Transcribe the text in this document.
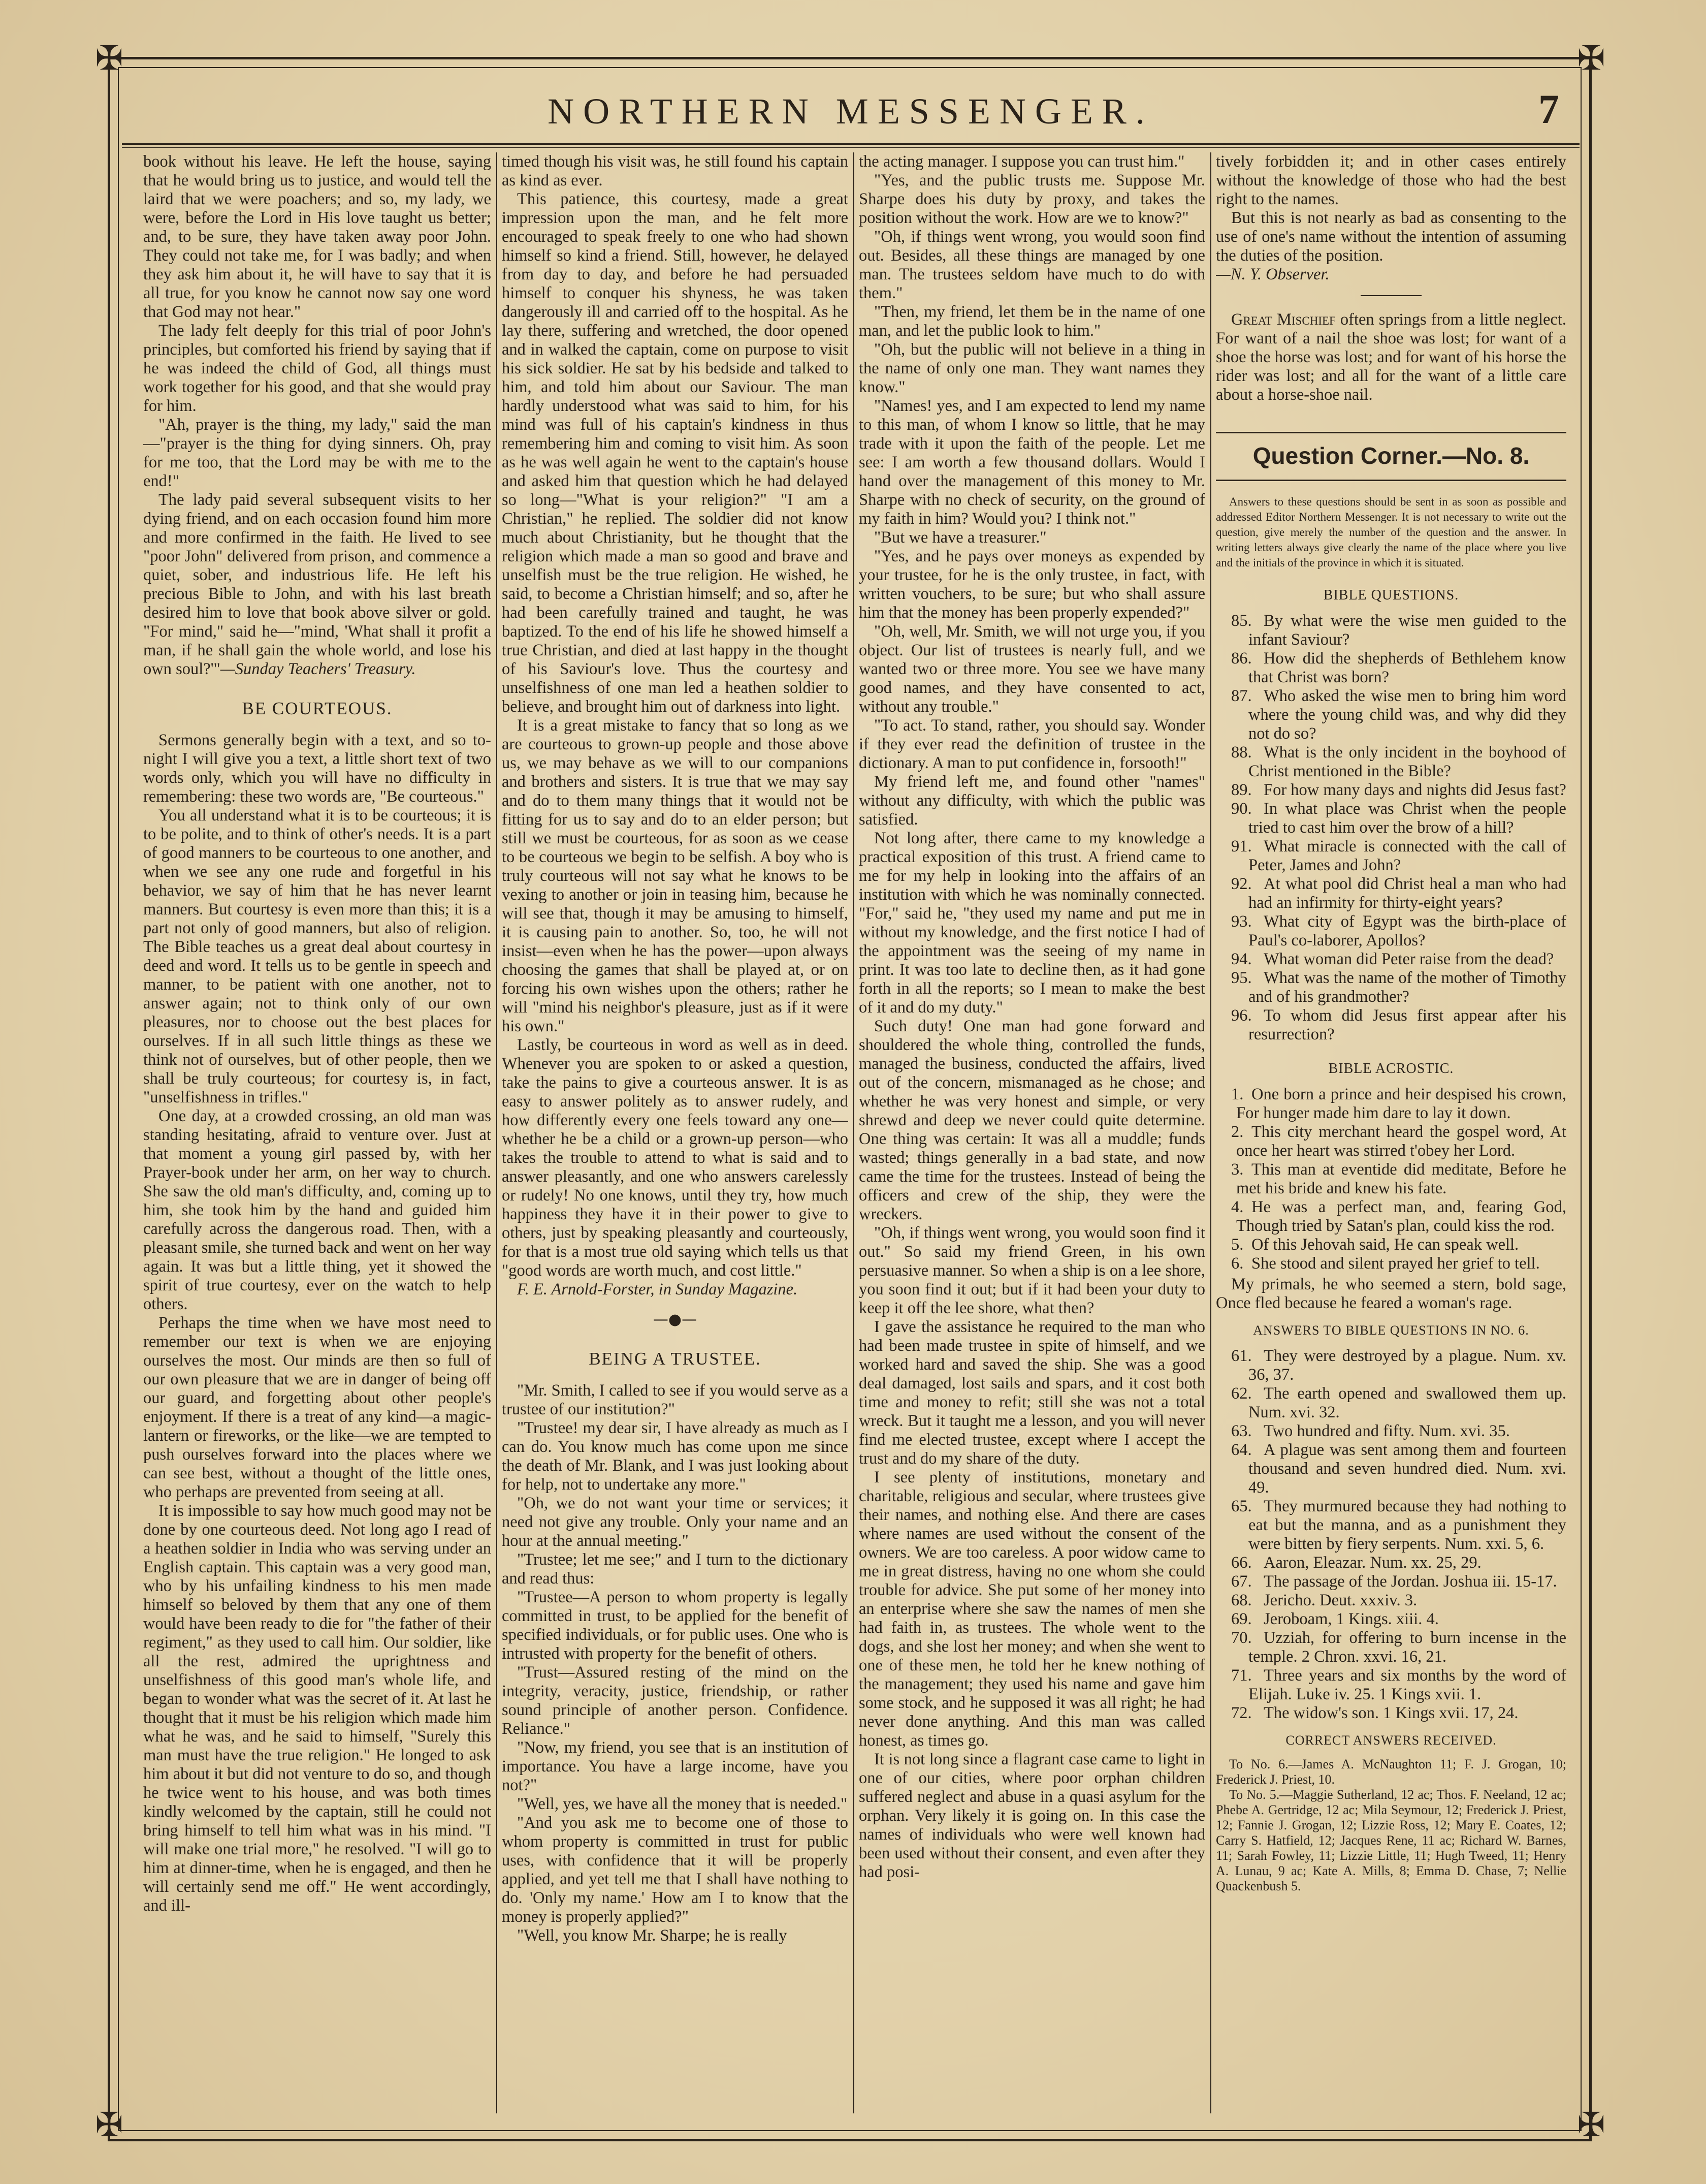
✠	✠
✠	✠
NORTHERN MESSENGER.	7

book without his leave. He left the house, saying that he would bring us to justice, and would tell the laird that we were poachers; and so, my lady, we were, before the Lord in His love taught us better; and, to be sure, they have taken away poor John. They could not take me, for I was badly; and when they ask him about it, he will have to say that it is all true, for you know he cannot now say one word that God may not hear."

The lady felt deeply for this trial of poor John's principles, but comforted his friend by saying that if he was indeed the child of God, all things must work together for his good, and that she would pray for him.

"Ah, prayer is the thing, my lady," said the man—"prayer is the thing for dying sinners. Oh, pray for me too, that the Lord may be with me to the end!"

The lady paid several subsequent visits to her dying friend, and on each occasion found him more and more confirmed in the faith. He lived to see "poor John" delivered from prison, and commence a quiet, sober, and industrious life. He left his precious Bible to John, and with his last breath desired him to love that book above silver or gold. "For mind," said he—"mind, 'What shall it profit a man, if he shall gain the whole world, and lose his own soul?'"—Sunday Teachers' Treasury.

BE COURTEOUS.

Sermons generally begin with a text, and so to-night I will give you a text, a little short text of two words only, which you will have no difficulty in remembering: these two words are, "Be courteous."

You all understand what it is to be courteous; it is to be polite, and to think of other's needs. It is a part of good manners to be courteous to one another, and when we see any one rude and forgetful in his behavior, we say of him that he has never learnt manners. But courtesy is even more than this; it is a part not only of good manners, but also of religion. The Bible teaches us a great deal about courtesy in deed and word. It tells us to be gentle in speech and manner, to be patient with one another, not to answer again; not to think only of our own pleasures, nor to choose out the best places for ourselves. If in all such little things as these we think not of ourselves, but of other people, then we shall be truly courteous; for courtesy is, in fact, "unselfishness in trifles."

One day, at a crowded crossing, an old man was standing hesitating, afraid to venture over. Just at that moment a young girl passed by, with her Prayer-book under her arm, on her way to church. She saw the old man's difficulty, and, coming up to him, she took him by the hand and guided him carefully across the dangerous road. Then, with a pleasant smile, she turned back and went on her way again. It was but a little thing, yet it showed the spirit of true courtesy, ever on the watch to help others.

Perhaps the time when we have most need to remember our text is when we are enjoying ourselves the most. Our minds are then so full of our own pleasure that we are in danger of being off our guard, and forgetting about other people's enjoyment. If there is a treat of any kind—a magic-lantern or fireworks, or the like—we are tempted to push ourselves forward into the places where we can see best, without a thought of the little ones, who perhaps are prevented from seeing at all.

It is impossible to say how much good may not be done by one courteous deed. Not long ago I read of a heathen soldier in India who was serving under an English captain. This captain was a very good man, who by his unfailing kindness to his men made himself so beloved by them that any one of them would have been ready to die for "the father of their regiment," as they used to call him. Our soldier, like all the rest, admired the uprightness and unselfishness of this good man's whole life, and began to wonder what was the secret of it. At last he thought that it must be his religion which made him what he was, and he said to himself, "Surely this man must have the true religion." He longed to ask him about it but did not venture to do so, and though he twice went to his house, and was both times kindly welcomed by the captain, still he could not bring himself to tell him what was in his mind. "I will make one trial more," he resolved. "I will go to him at dinner-time, when he is engaged, and then he will certainly send me off." He went accordingly, and ill-

timed though his visit was, he still found his captain as kind as ever.

This patience, this courtesy, made a great impression upon the man, and he felt more encouraged to speak freely to one who had shown himself so kind a friend. Still, however, he delayed from day to day, and before he had persuaded himself to conquer his shyness, he was taken dangerously ill and carried off to the hospital. As he lay there, suffering and wretched, the door opened and in walked the captain, come on purpose to visit his sick soldier. He sat by his bedside and talked to him, and told him about our Saviour. The man hardly understood what was said to him, for his mind was full of his captain's kindness in thus remembering him and coming to visit him. As soon as he was well again he went to the captain's house and asked him that question which he had delayed so long—"What is your religion?" "I am a Christian," he replied. The soldier did not know much about Christianity, but he thought that the religion which made a man so good and brave and unselfish must be the true religion. He wished, he said, to become a Christian himself; and so, after he had been carefully trained and taught, he was baptized. To the end of his life he showed himself a true Christian, and died at last happy in the thought of his Saviour's love. Thus the courtesy and unselfishness of one man led a heathen soldier to believe, and brought him out of darkness into light.

It is a great mistake to fancy that so long as we are courteous to grown-up people and those above us, we may behave as we will to our companions and brothers and sisters. It is true that we may say and do to them many things that it would not be fitting for us to say and do to an elder person; but still we must be courteous, for as soon as we cease to be courteous we begin to be selfish. A boy who is truly courteous will not say what he knows to be vexing to another or join in teasing him, because he will see that, though it may be amusing to himself, it is causing pain to another. So, too, he will not insist—even when he has the power—upon always choosing the games that shall be played at, or on forcing his own wishes upon the others; rather he will "mind his neighbor's pleasure, just as if it were his own."

Lastly, be courteous in word as well as in deed. Whenever you are spoken to or asked a question, take the pains to give a courteous answer. It is as easy to answer politely as to answer rudely, and how differently every one feels toward any one—whether he be a child or a grown-up person—who takes the trouble to attend to what is said and to answer pleasantly, and one who answers carelessly or rudely! No one knows, until they try, how much happiness they have it in their power to give to others, just by speaking pleasantly and courteously, for that is a most true old saying which tells us that "good words are worth much, and cost little."

F. E. Arnold-Forster, in Sunday Magazine.

—●—
BEING A TRUSTEE.

"Mr. Smith, I called to see if you would serve as a trustee of our institution?"

"Trustee! my dear sir, I have already as much as I can do. You know much has come upon me since the death of Mr. Blank, and I was just looking about for help, not to undertake any more."

"Oh, we do not want your time or services; it need not give any trouble. Only your name and an hour at the annual meeting."

"Trustee; let me see;" and I turn to the dictionary and read thus:

"Trustee—A person to whom property is legally committed in trust, to be applied for the benefit of specified individuals, or for public uses. One who is intrusted with property for the benefit of others.

"Trust—Assured resting of the mind on the integrity, veracity, justice, friendship, or rather sound principle of another person. Confidence. Reliance."

"Now, my friend, you see that is an institution of importance. You have a large income, have you not?"

"Well, yes, we have all the money that is needed."

"And you ask me to become one of those to whom property is committed in trust for public uses, with confidence that it will be properly applied, and yet tell me that I shall have nothing to do. 'Only my name.' How am I to know that the money is properly applied?"

"Well, you know Mr. Sharpe; he is really

the acting manager. I suppose you can trust him."

"Yes, and the public trusts me. Suppose Mr. Sharpe does his duty by proxy, and takes the position without the work. How are we to know?"

"Oh, if things went wrong, you would soon find out. Besides, all these things are managed by one man. The trustees seldom have much to do with them."

"Then, my friend, let them be in the name of one man, and let the public look to him."

"Oh, but the public will not believe in a thing in the name of only one man. They want names they know."

"Names! yes, and I am expected to lend my name to this man, of whom I know so little, that he may trade with it upon the faith of the people. Let me see: I am worth a few thousand dollars. Would I hand over the management of this money to Mr. Sharpe with no check of security, on the ground of my faith in him? Would you? I think not."

"But we have a treasurer."

"Yes, and he pays over moneys as expended by your trustee, for he is the only trustee, in fact, with written vouchers, to be sure; but who shall assure him that the money has been properly expended?"

"Oh, well, Mr. Smith, we will not urge you, if you object. Our list of trustees is nearly full, and we wanted two or three more. You see we have many good names, and they have consented to act, without any trouble."

"To act. To stand, rather, you should say. Wonder if they ever read the definition of trustee in the dictionary. A man to put confidence in, forsooth!"

My friend left me, and found other "names" without any difficulty, with which the public was satisfied.

Not long after, there came to my knowledge a practical exposition of this trust. A friend came to me for my help in looking into the affairs of an institution with which he was nominally connected. "For," said he, "they used my name and put me in without my knowledge, and the first notice I had of the appointment was the seeing of my name in print. It was too late to decline then, as it had gone forth in all the reports; so I mean to make the best of it and do my duty."

Such duty! One man had gone forward and shouldered the whole thing, controlled the funds, managed the business, conducted the affairs, lived out of the concern, mismanaged as he chose; and whether he was very honest and simple, or very shrewd and deep we never could quite determine. One thing was certain: It was all a muddle; funds wasted; things generally in a bad state, and now came the time for the trustees. Instead of being the officers and crew of the ship, they were the wreckers.

"Oh, if things went wrong, you would soon find it out." So said my friend Green, in his own persuasive manner. So when a ship is on a lee shore, you soon find it out; but if it had been your duty to keep it off the lee shore, what then?

I gave the assistance he required to the man who had been made trustee in spite of himself, and we worked hard and saved the ship. She was a good deal damaged, lost sails and spars, and it cost both time and money to refit; still she was not a total wreck. But it taught me a lesson, and you will never find me elected trustee, except where I accept the trust and do my share of the duty.

I see plenty of institutions, monetary and charitable, religious and secular, where trustees give their names, and nothing else. And there are cases where names are used without the consent of the owners. We are too careless. A poor widow came to me in great distress, having no one whom she could trouble for advice. She put some of her money into an enterprise where she saw the names of men she had faith in, as trustees. The whole went to the dogs, and she lost her money; and when she went to one of these men, he told her he knew nothing of the management; they used his name and gave him some stock, and he supposed it was all right; he had never done anything. And this man was called honest, as times go.

It is not long since a flagrant case came to light in one of our cities, where poor orphan children suffered neglect and abuse in a quasi asylum for the orphan. Very likely it is going on. In this case the names of individuals who were well known had been used without their consent, and even after they had posi-

tively forbidden it; and in other cases entirely without the knowledge of those who had the best right to the names.

But this is not nearly as bad as consenting to the use of one's name without the intention of assuming the duties of the position.

—N. Y. Observer.

Great Mischief often springs from a little neglect. For want of a nail the shoe was lost; for want of a shoe the horse was lost; and for want of his horse the rider was lost; and all for the want of a little care about a horse-shoe nail.

Question Corner.—No. 8.

Answers to these questions should be sent in as soon as possible and addressed Editor Northern Messenger. It is not necessary to write out the question, give merely the number of the question and the answer. In writing letters always give clearly the name of the place where you live and the initials of the province in which it is situated.

BIBLE QUESTIONS.

85. By what were the wise men guided to the infant Saviour?

86. How did the shepherds of Bethlehem know that Christ was born?

87. Who asked the wise men to bring him word where the young child was, and why did they not do so?

88. What is the only incident in the boyhood of Christ mentioned in the Bible?

89. For how many days and nights did Jesus fast?

90. In what place was Christ when the people tried to cast him over the brow of a hill?

91. What miracle is connected with the call of Peter, James and John?

92. At what pool did Christ heal a man who had had an infirmity for thirty-eight years?

93. What city of Egypt was the birth-place of Paul's co-laborer, Apollos?

94. What woman did Peter raise from the dead?

95. What was the name of the mother of Timothy and of his grandmother?

96. To whom did Jesus first appear after his resurrection?

BIBLE ACROSTIC.

1. One born a prince and heir despised his crown, For hunger made him dare to lay it down.

2. This city merchant heard the gospel word, At once her heart was stirred t'obey her Lord.

3. This man at eventide did meditate, Before he met his bride and knew his fate.

4. He was a perfect man, and, fearing God, Though tried by Satan's plan, could kiss the rod.

5. Of this Jehovah said, He can speak well.

6. She stood and silent prayed her grief to tell.

My primals, he who seemed a stern, bold sage, Once fled because he feared a woman's rage.

ANSWERS TO BIBLE QUESTIONS IN NO. 6.

61. They were destroyed by a plague. Num. xv. 36, 37.

62. The earth opened and swallowed them up. Num. xvi. 32.

63. Two hundred and fifty. Num. xvi. 35.

64. A plague was sent among them and fourteen thousand and seven hundred died. Num. xvi. 49.

65. They murmured because they had nothing to eat but the manna, and as a punishment they were bitten by fiery serpents. Num. xxi. 5, 6.

66. Aaron, Eleazar. Num. xx. 25, 29.

67. The passage of the Jordan. Joshua iii. 15-17.

68. Jericho. Deut. xxxiv. 3.

69. Jeroboam, 1 Kings. xiii. 4.

70. Uzziah, for offering to burn incense in the temple. 2 Chron. xxvi. 16, 21.

71. Three years and six months by the word of Elijah. Luke iv. 25. 1 Kings xvii. 1.

72. The widow's son. 1 Kings xvii. 17, 24.

CORRECT ANSWERS RECEIVED.

To No. 6.—James A. McNaughton 11; F. J. Grogan, 10; Frederick J. Priest, 10.

To No. 5.—Maggie Sutherland, 12 ac; Thos. F. Neeland, 12 ac; Phebe A. Gertridge, 12 ac; Mila Seymour, 12; Frederick J. Priest, 12; Fannie J. Grogan, 12; Lizzie Ross, 12; Mary E. Coates, 12; Carry S. Hatfield, 12; Jacques Rene, 11 ac; Richard W. Barnes, 11; Sarah Fowley, 11; Lizzie Little, 11; Hugh Tweed, 11; Henry A. Lunau, 9 ac; Kate A. Mills, 8; Emma D. Chase, 7; Nellie Quackenbush 5.
